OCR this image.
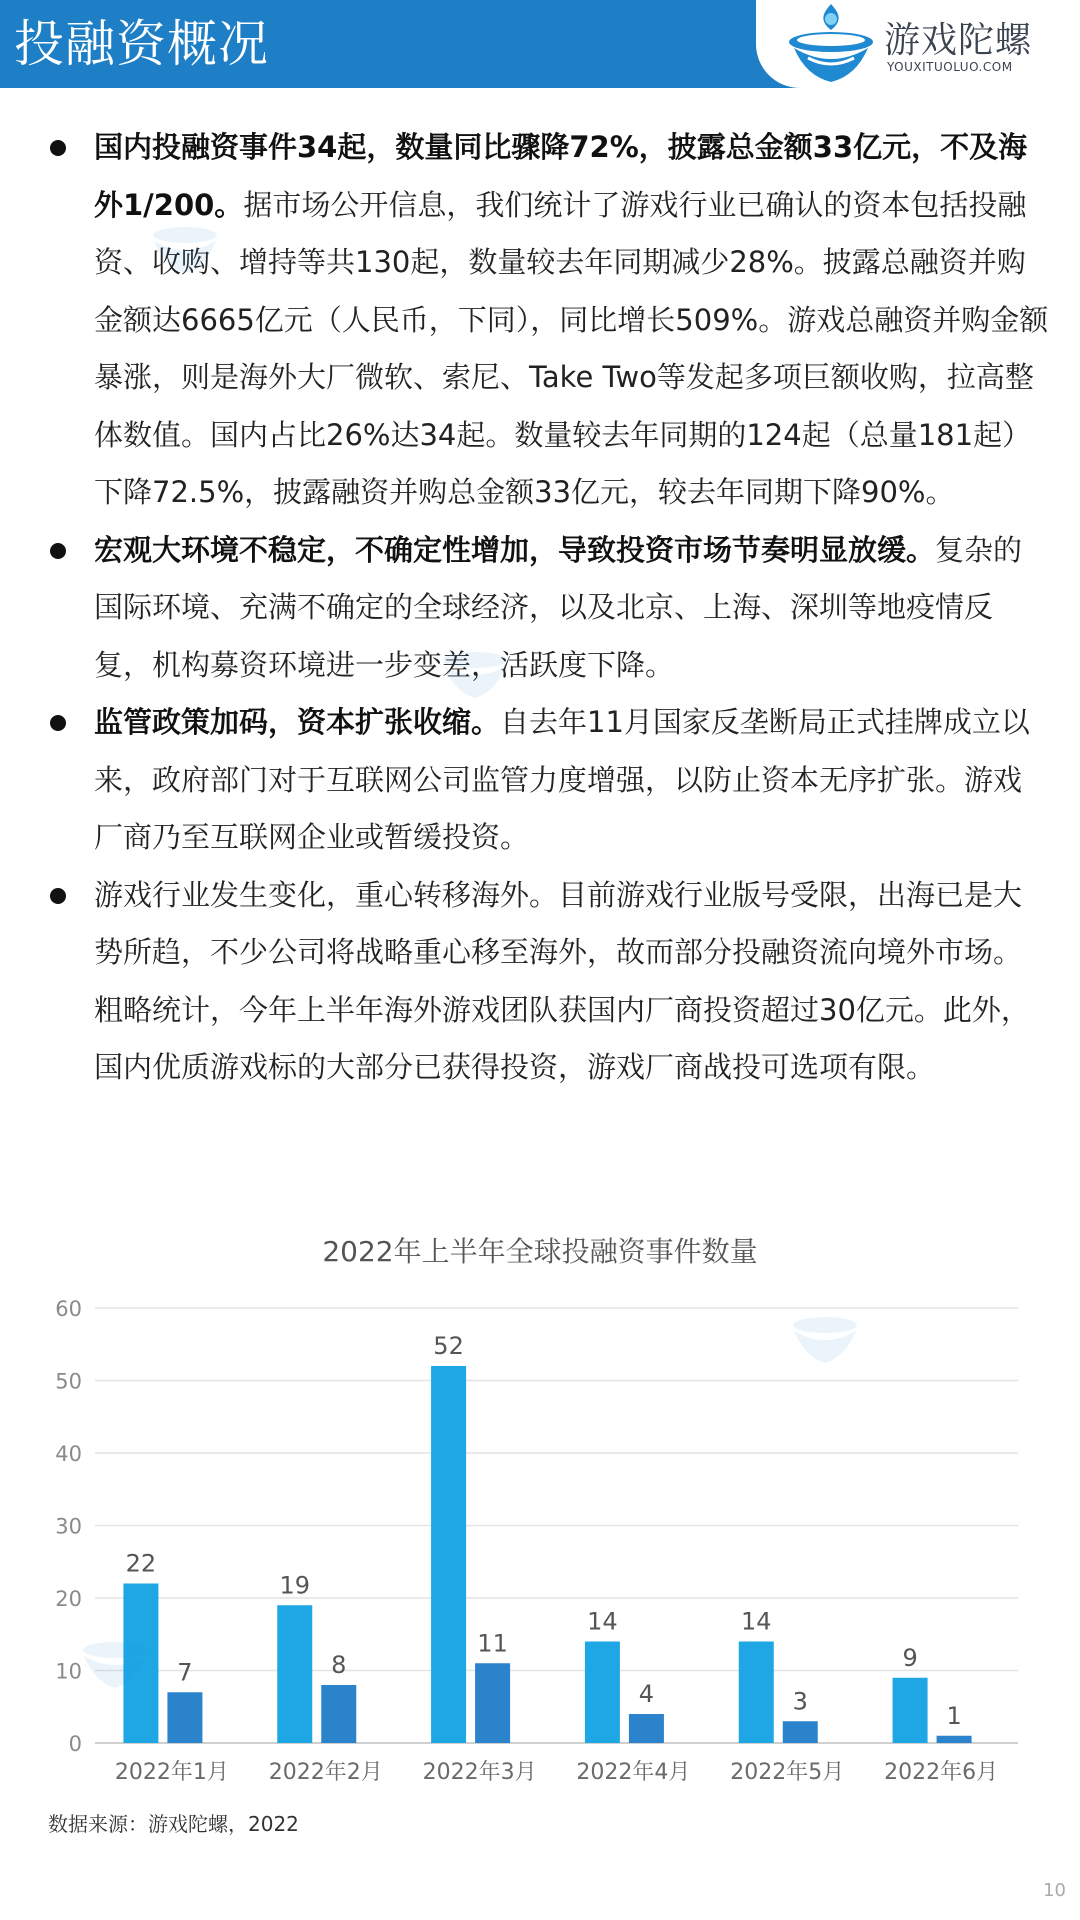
投融资概况	游戏陀螺
YOUXITUOLUO.COM
国内投融资事件34起，数量同比骤降72%，披露总金额33亿元，不及海外1/200。据市场公开信息，我们统计了游戏行业已确认的资本包括投融资、收购、增持等共130起，数量较去年同期减少28%。披露总融资并购金额达6665亿元（人民币，下同），同比增长509%。游戏总融资并购金额暴涨，则是海外大厂微软、索尼、Take Two等发起多项巨额收购，拉高整体数值。国内占比26%达34起。数量较去年同期的124起（总量181起）下降72.5%，披露融资并购总金额33亿元，较去年同期下降90%。
宏观大环境不稳定，不确定性增加，导致投资市场节奏明显放缓。复杂的国际环境、充满不确定的全球经济，以及北京、上海、深圳等地疫情反复，机构募资环境进一步变差，活跃度下降。
监管政策加码，资本扩张收缩。自去年11月国家反垄断局正式挂牌成立以来，政府部门对于互联网公司监管力度增强，以防止资本无序扩张。游戏厂商乃至互联网企业或暂缓投资。
游戏行业发生变化，重心转移海外。目前游戏行业版号受限，出海已是大势所趋，不少公司将战略重心移至海外，故而部分投融资流向境外市场。粗略统计，今年上半年海外游戏团队获国内厂商投资超过30亿元。此外，国内优质游戏标的大部分已获得投资，游戏厂商战投可选项有限。
2022年上半年全球投融资事件数量
0
10
20
30
40
50
60
22
7
19
8
52
11
14
4
14
3
9
1
2022年1月 2022年2月 2022年3月 2022年4月 2022年5月 2022年6月
数据来源：游戏陀螺，2022
10
